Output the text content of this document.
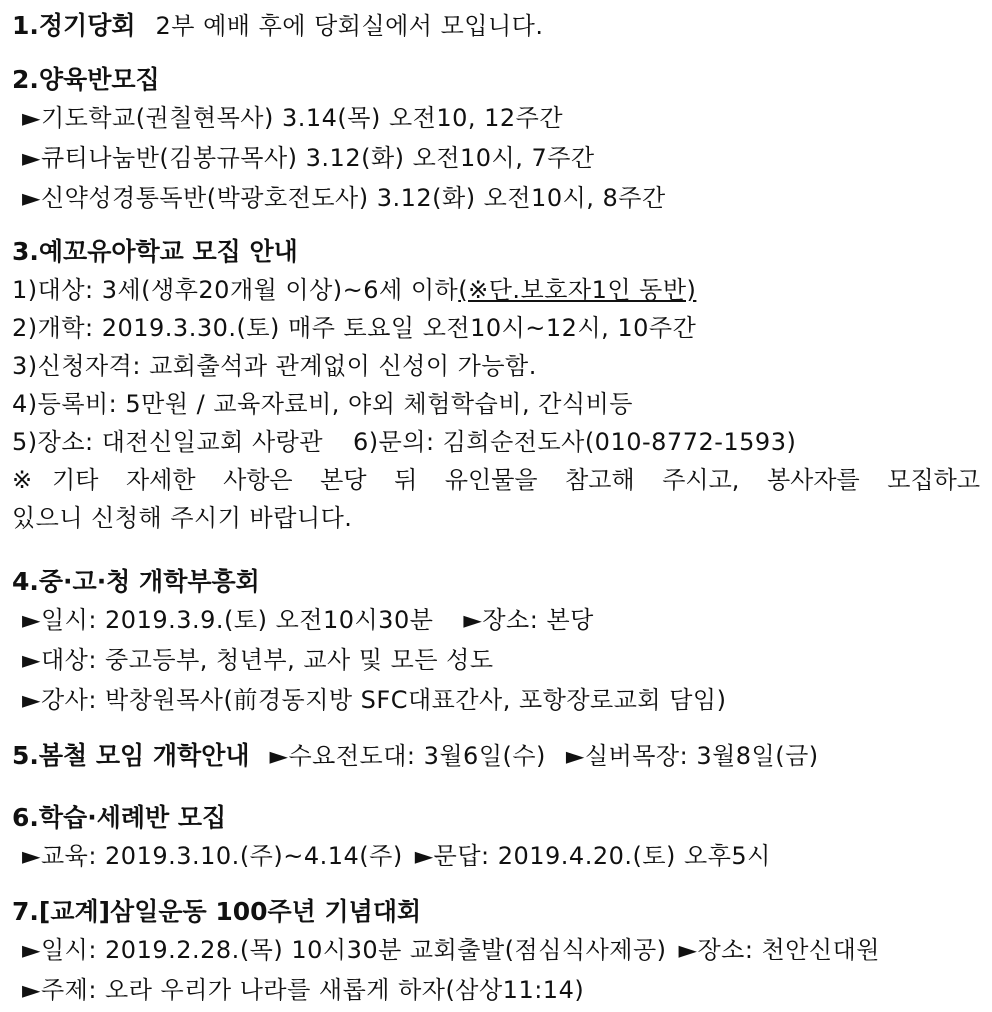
1.정기당회 2부 예배 후에 당회실에서 모입니다.
2.양육반모집
►기도학교(권칠현목사) 3.14(목) 오전10, 12주간
►큐티나눔반(김봉규목사) 3.12(화) 오전10시, 7주간
►신약성경통독반(박광호전도사) 3.12(화) 오전10시, 8주간
3.예꼬유아학교 모집 안내
1)대상: 3세(생후20개월 이상)~6세 이하(※단.보호자1인 동반)
2)개학: 2019.3.30.(토) 매주 토요일 오전10시~12시, 10주간
3)신청자격: 교회출석과 관계없이 신성이 가능함.
4)등록비: 5만원 / 교육자료비, 야외 체험학습비, 간식비등
5)장소: 대전신일교회 사랑관 6)문의: 김희순전도사(010-8772-1593)
※기타 자세한 사항은 본당 뒤 유인물을 참고해 주시고, 봉사자를 모집하고
있으니 신청해 주시기 바랍니다.
4.중·고·청 개학부흥회
►일시: 2019.3.9.(토) 오전10시30분 ►장소: 본당
►대상: 중고등부, 청년부, 교사 및 모든 성도
►강사: 박창원목사(前경동지방 SFC대표간사, 포항장로교회 담임)
5.봄철 모임 개학안내 ►수요전도대: 3월6일(수) ►실버목장: 3월8일(금)
6.학습·세례반 모집
►교육: 2019.3.10.(주)~4.14(주) ►문답: 2019.4.20.(토) 오후5시
7.[교계]삼일운동 100주년 기념대회
►일시: 2019.2.28.(목) 10시30분 교회출발(점심식사제공) ►장소: 천안신대원
►주제: 오라 우리가 나라를 새롭게 하자(삼상11:14)
